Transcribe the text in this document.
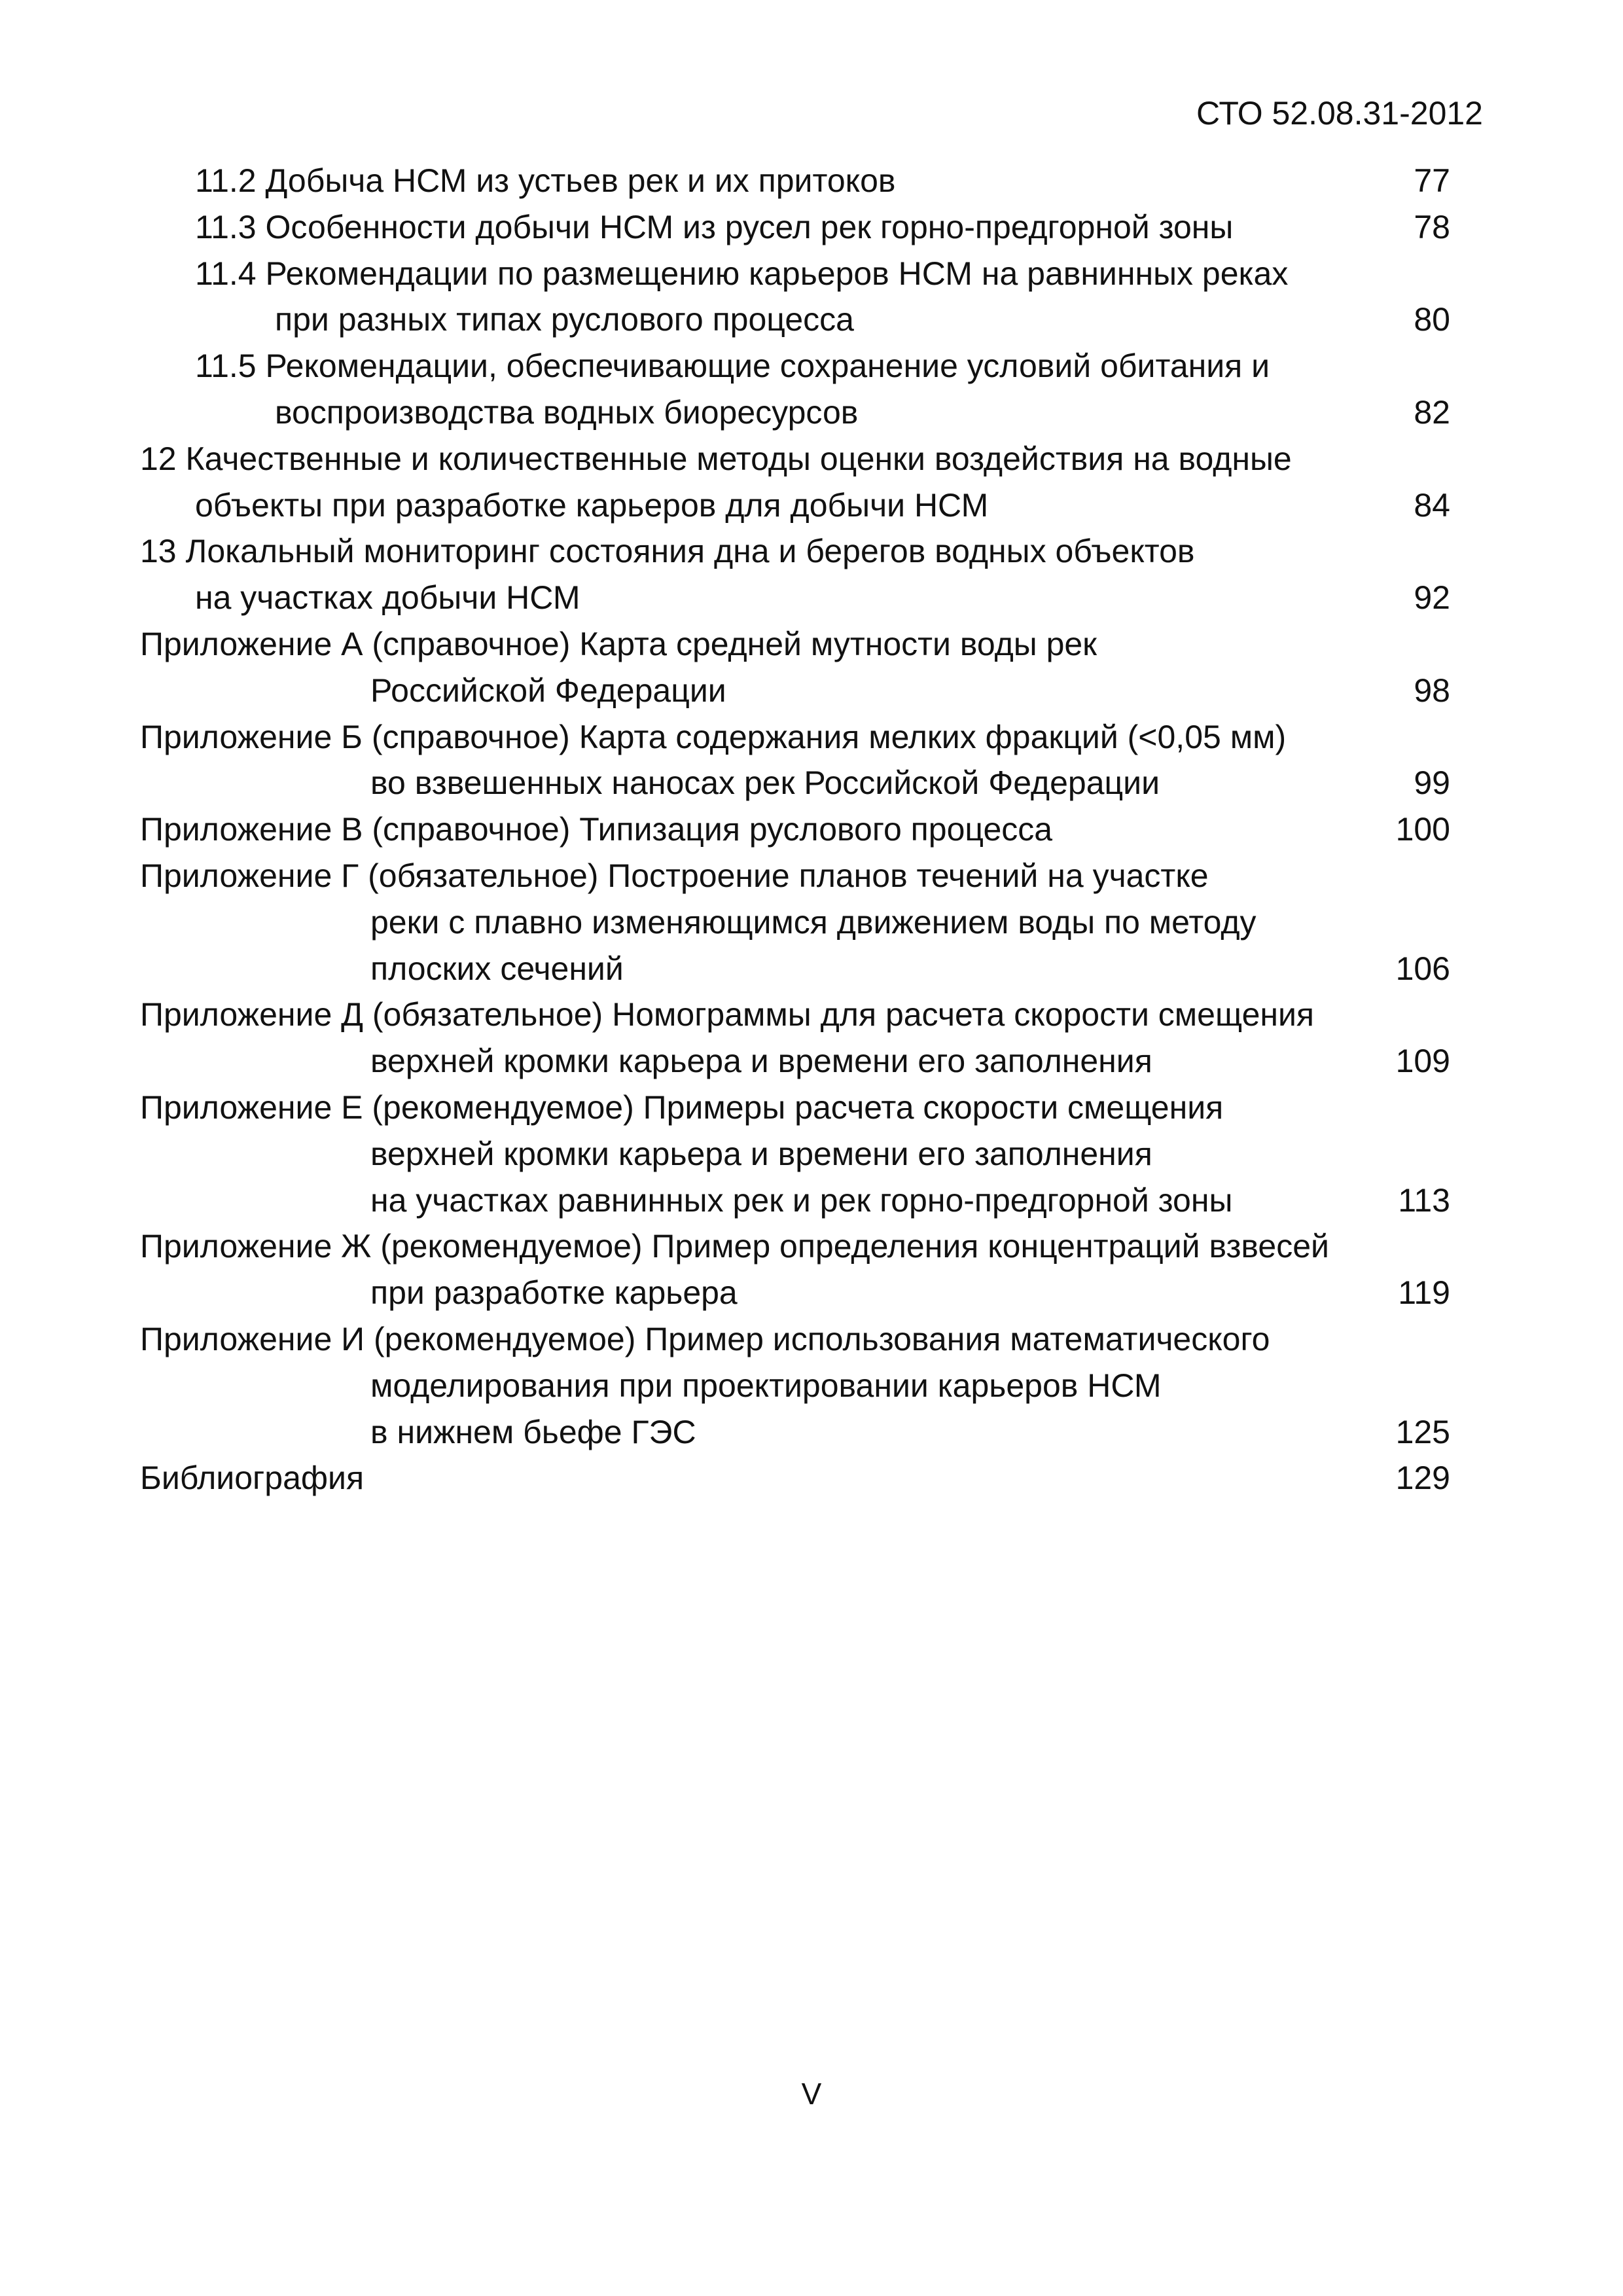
СТО 52.08.31-2012
11.2 Добыча НСМ из устьев рек и их притоков	77
11.3 Особенности добычи НСМ из русел рек горно-предгорной зоны	78
11.4 Рекомендации по размещению карьеров НСМ на равнинных реках
при разных типах руслового процесса	80
11.5 Рекомендации, обеспечивающие сохранение условий обитания и
воспроизводства водных биоресурсов	82
12 Качественные и количественные методы оценки воздействия на водные
объекты при разработке карьеров для добычи НСМ	84
13 Локальный мониторинг состояния дна и берегов водных объектов
на участках добычи НСМ	92
Приложение А (справочное) Карта средней мутности воды рек
Российской Федерации	98
Приложение Б (справочное) Карта содержания мелких фракций (<0,05 мм)
во взвешенных наносах рек Российской Федерации	99
Приложение В (справочное) Типизация руслового процесса	100
Приложение Г (обязательное) Построение планов течений на участке
реки с плавно изменяющимся движением воды по методу
плоских сечений	106
Приложение Д (обязательное) Номограммы для расчета скорости смещения
верхней кромки карьера и времени его заполнения	109
Приложение Е (рекомендуемое) Примеры расчета скорости смещения
верхней кромки карьера и времени его заполнения
на участках равнинных рек и рек горно-предгорной зоны	113
Приложение Ж (рекомендуемое) Пример определения концентраций взвесей
при разработке карьера	119
Приложение И (рекомендуемое) Пример использования математического
моделирования при проектировании карьеров НСМ
в нижнем бьефе ГЭС	125
Библиография	129
V
